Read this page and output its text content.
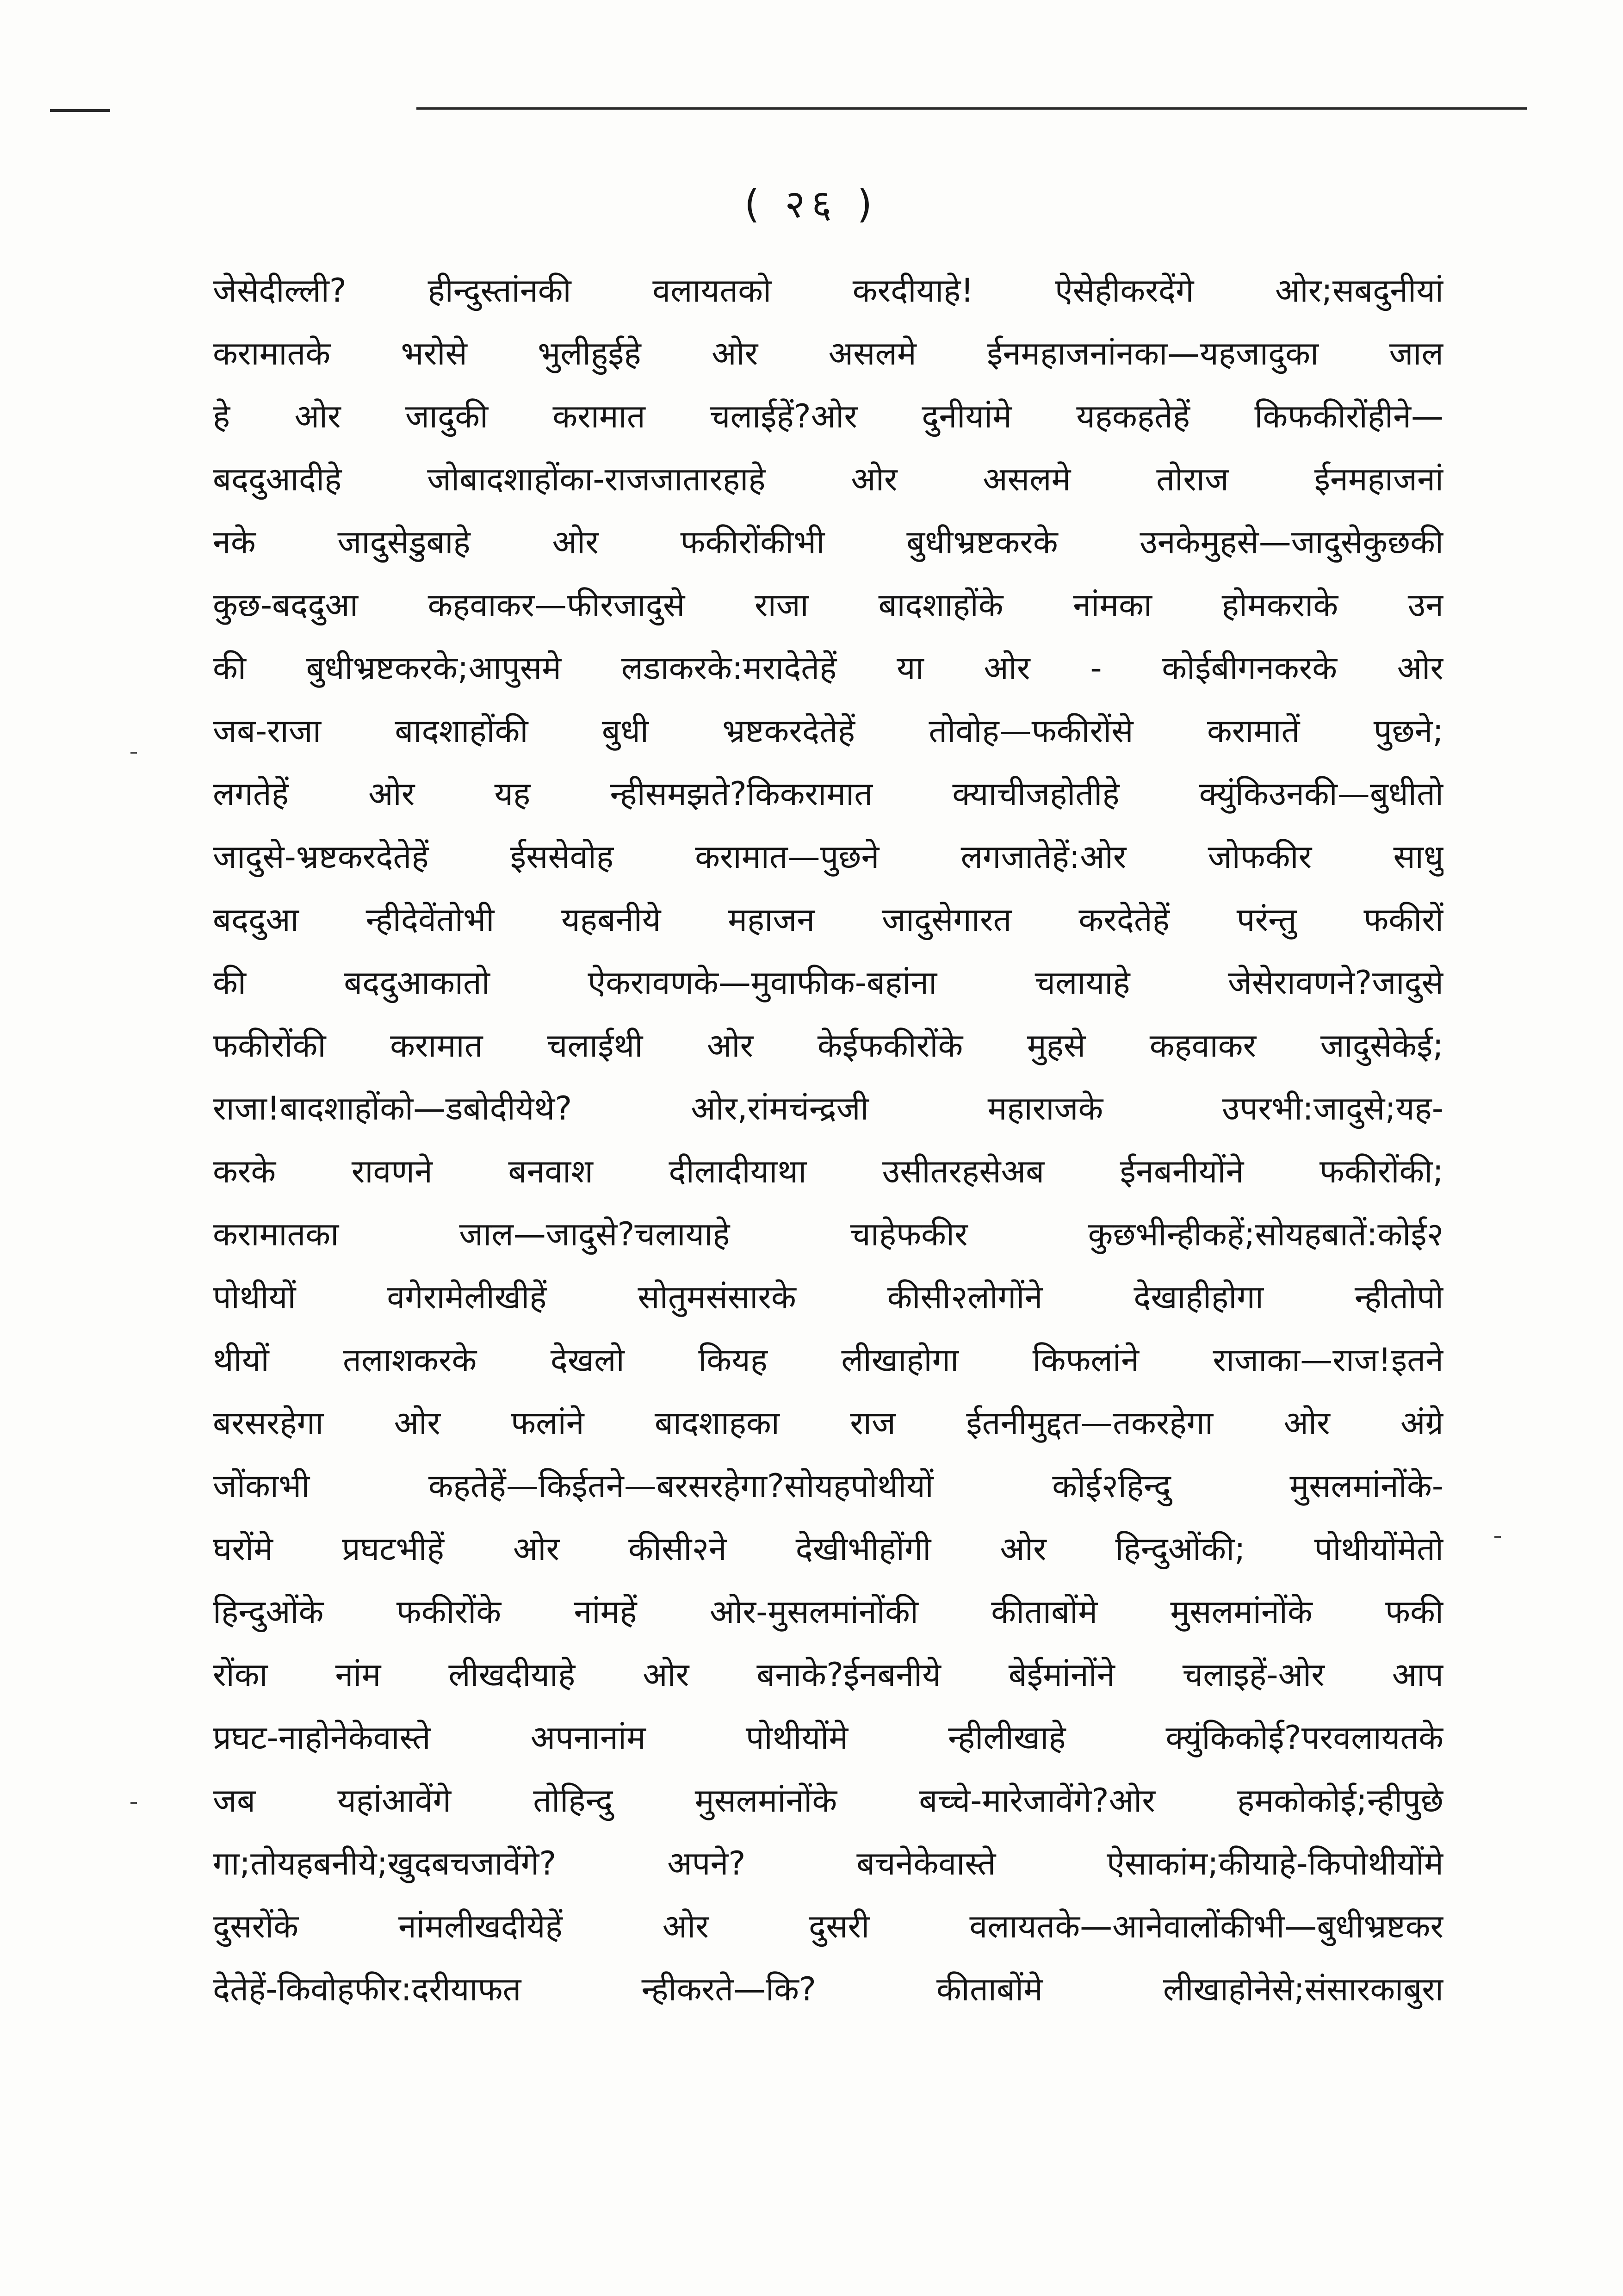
( २६ )
जेसेदील्ली? हीन्दुस्तांनकी वलायतको करदीयाहे! ऐसेहीकरदेंगे ओर;सबदुनीयां
करामातके भरोसे भुलीहुईहे ओर असलमे ईनमहाजनांनका—यहजादुका जाल
हे ओर जादुकी करामात चलाईहें?ओर दुनीयांमे यहकहतेहें किफकीरोंहीने—
बददुआदीहे जोबादशाहोंका-राजजातारहाहे ओर असलमे तोराज ईनमहाजनां
नके जादुसेडुबाहे ओर फकीरोंकीभी बुधीभ्रष्टकरके उनकेमुहसे—जादुसेकुछकी
कुछ-बददुआ कहवाकर—फीरजादुसे राजा बादशाहोंके नांमका होमकराके उन
की बुधीभ्रष्टकरके;आपुसमे लडाकरके:मरादेतेहें या ओर - कोईबीगनकरके ओर
जब-राजा बादशाहोंकी बुधी भ्रष्टकरदेतेहें तोवोह—फकीरोंसे करामातें पुछने;
लगतेहें ओर यह न्हीसमझते?किकरामात क्याचीजहोतीहे क्युंकिउनकी—बुधीतो
जादुसे-भ्रष्टकरदेतेहें ईससेवोह करामात—पुछने लगजातेहें:ओर जोफकीर साधु
बददुआ न्हीदेवेंतोभी यहबनीये महाजन जादुसेगारत करदेतेहें परंन्तु फकीरों
की बददुआकातो ऐकरावणके—मुवाफीक-बहांना चलायाहे जेसेरावणने?जादुसे
फकीरोंकी करामात चलाईथी ओर केईफकीरोंके मुहसे कहवाकर जादुसेकेई;
राजा!बादशाहोंको—डबोदीयेथे? ओर,रांमचंन्द्रजी महाराजके उपरभी:जादुसे;यह-
करके रावणने बनवाश दीलादीयाथा उसीतरहसेअब ईनबनीयोंने फकीरोंकी;
करामातका जाल—जादुसे?चलायाहे चाहेफकीर कुछभीन्हीकहें;सोयहबातें:कोई२
पोथीयों वगेरामेलीखीहें सोतुमसंसारके कीसी२लोगोंने देखाहीहोगा न्हीतोपो
थीयों तलाशकरके देखलो कियह लीखाहोगा किफलांने राजाका—राज!इतने
बरसरहेगा ओर फलांने बादशाहका राज ईतनीमुद्दत—तकरहेगा ओर अंग्रे
जोंकाभी कहतेहें—किईतने—बरसरहेगा?सोयहपोथीयों कोई२हिन्दु मुसलमांनोंके-
घरोंमे प्रघटभीहें ओर कीसी२ने देखीभीहोंगी ओर हिन्दुओंकी; पोथीयोंमेतो
हिन्दुओंके फकीरोंके नांमहें ओर-मुसलमांनोंकी कीताबोंमे मुसलमांनोंके फकी
रोंका नांम लीखदीयाहे ओर बनाके?ईनबनीये बेईमांनोंने चलाइहें-ओर आप
प्रघट-नाहोनेकेवास्ते अपनानांम पोथीयोंमे न्हीलीखाहे क्युंकिकोई?परवलायतके
जब यहांआवेंगे तोहिन्दु मुसलमांनोंके बच्चे-मारेजावेंगे?ओर हमकोकोई;न्हीपुछे
गा;तोयहबनीये;खुदबचजावेंगे? अपने? बचनेकेवास्ते ऐसाकांम;कीयाहे-किपोथीयोंमे
दुसरोंके नांमलीखदीयेहें ओर दुसरी वलायतके—आनेवालोंकीभी—बुधीभ्रष्टकर
देतेहें-किवोहफीर:दरीयाफत न्हीकरते—कि? कीताबोंमे लीखाहोनेसे;संसारकाबुरा
